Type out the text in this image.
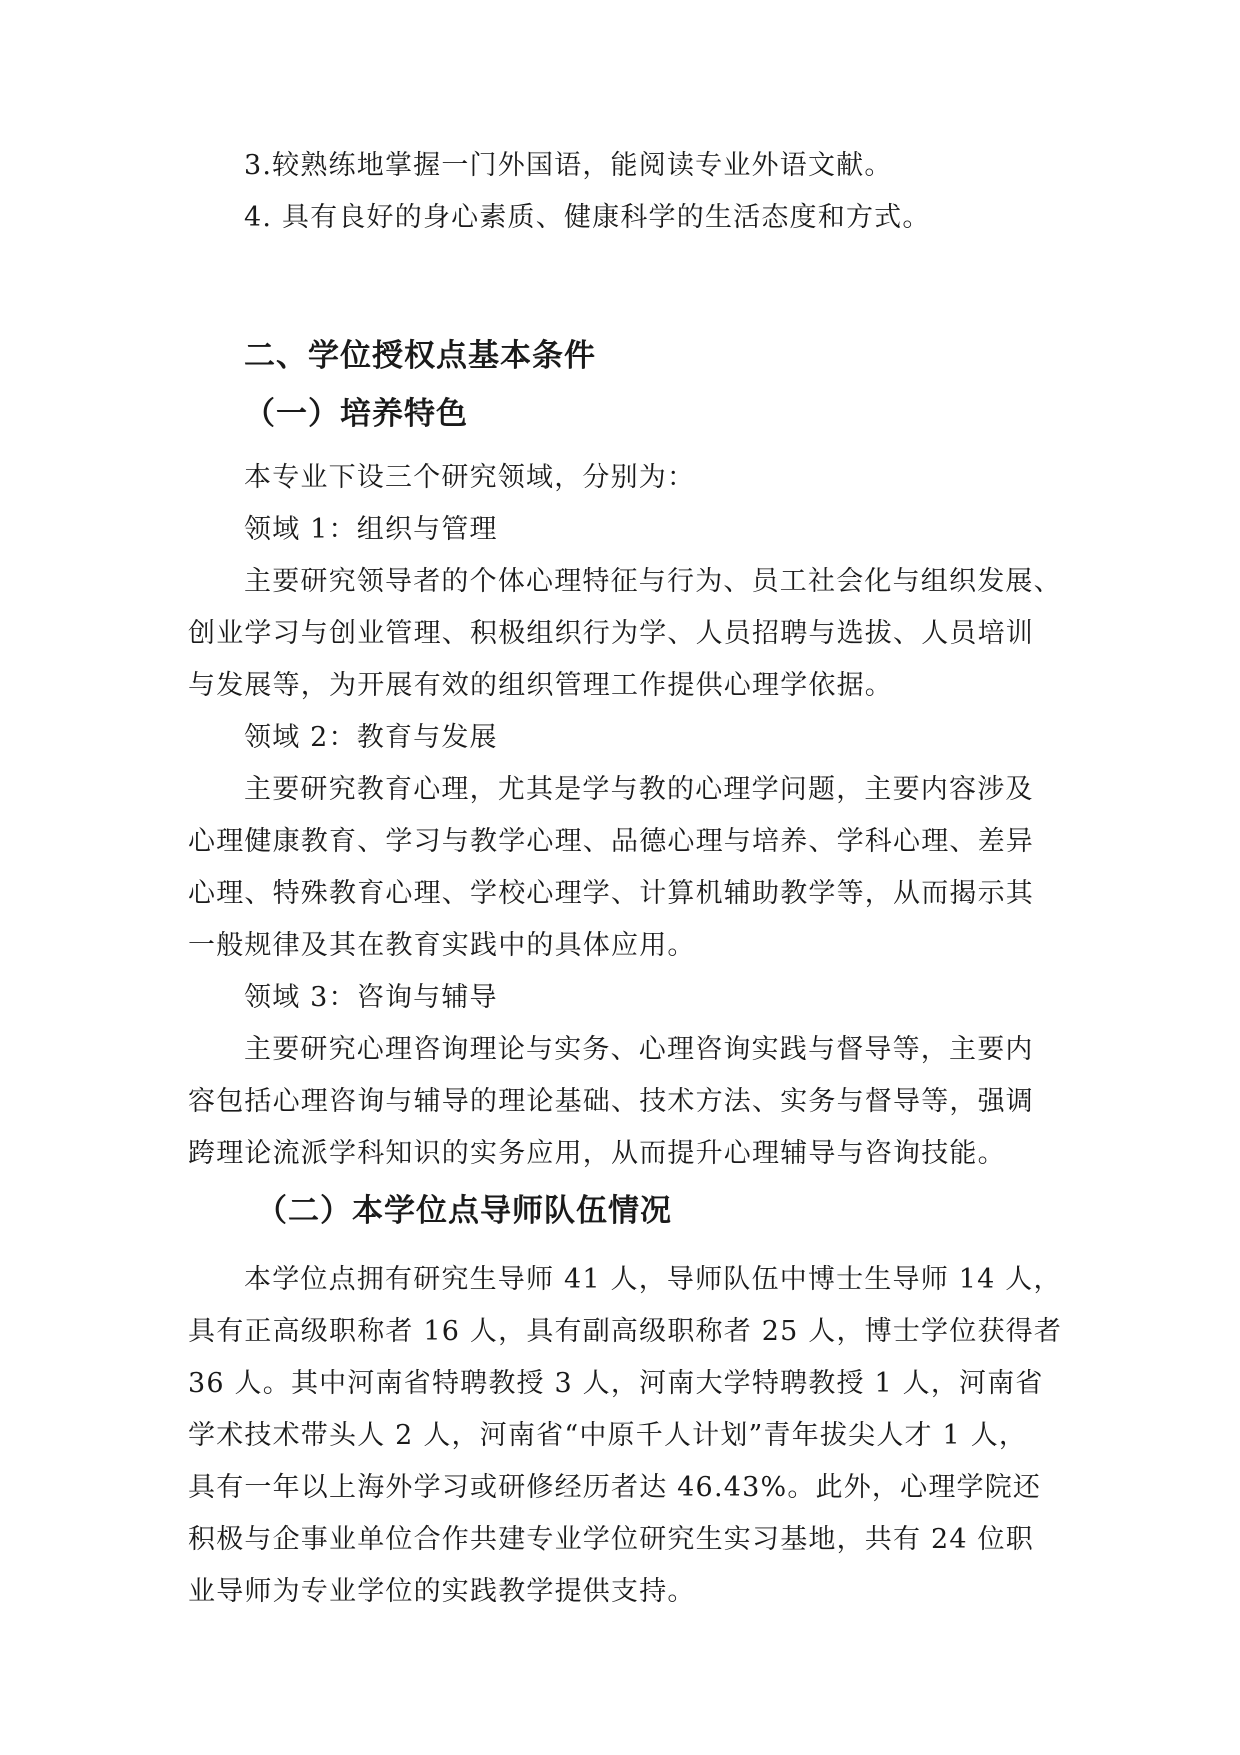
3.较熟练地掌握一门外国语，能阅读专业外语文献。
4. 具有良好的身心素质、健康科学的生活态度和方式。
二、学位授权点基本条件
（一）培养特色
本专业下设三个研究领域，分别为：
领域 1：组织与管理
主要研究领导者的个体心理特征与行为、员工社会化与组织发展、
创业学习与创业管理、积极组织行为学、人员招聘与选拔、人员培训
与发展等，为开展有效的组织管理工作提供心理学依据。
领域 2：教育与发展
主要研究教育心理，尤其是学与教的心理学问题，主要内容涉及
心理健康教育、学习与教学心理、品德心理与培养、学科心理、差异
心理、特殊教育心理、学校心理学、计算机辅助教学等，从而揭示其
一般规律及其在教育实践中的具体应用。
领域 3：咨询与辅导
主要研究心理咨询理论与实务、心理咨询实践与督导等，主要内
容包括心理咨询与辅导的理论基础、技术方法、实务与督导等，强调
跨理论流派学科知识的实务应用，从而提升心理辅导与咨询技能。
（二）本学位点导师队伍情况
本学位点拥有研究生导师 41 人，导师队伍中博士生导师 14 人，
具有正高级职称者 16 人，具有副高级职称者 25 人，博士学位获得者
36 人。其中河南省特聘教授 3 人，河南大学特聘教授 1 人，河南省
学术技术带头人 2 人，河南省“中原千人计划”青年拔尖人才 1 人，
具有一年以上海外学习或研修经历者达 46.43%。此外，心理学院还
积极与企事业单位合作共建专业学位研究生实习基地，共有 24 位职
业导师为专业学位的实践教学提供支持。
